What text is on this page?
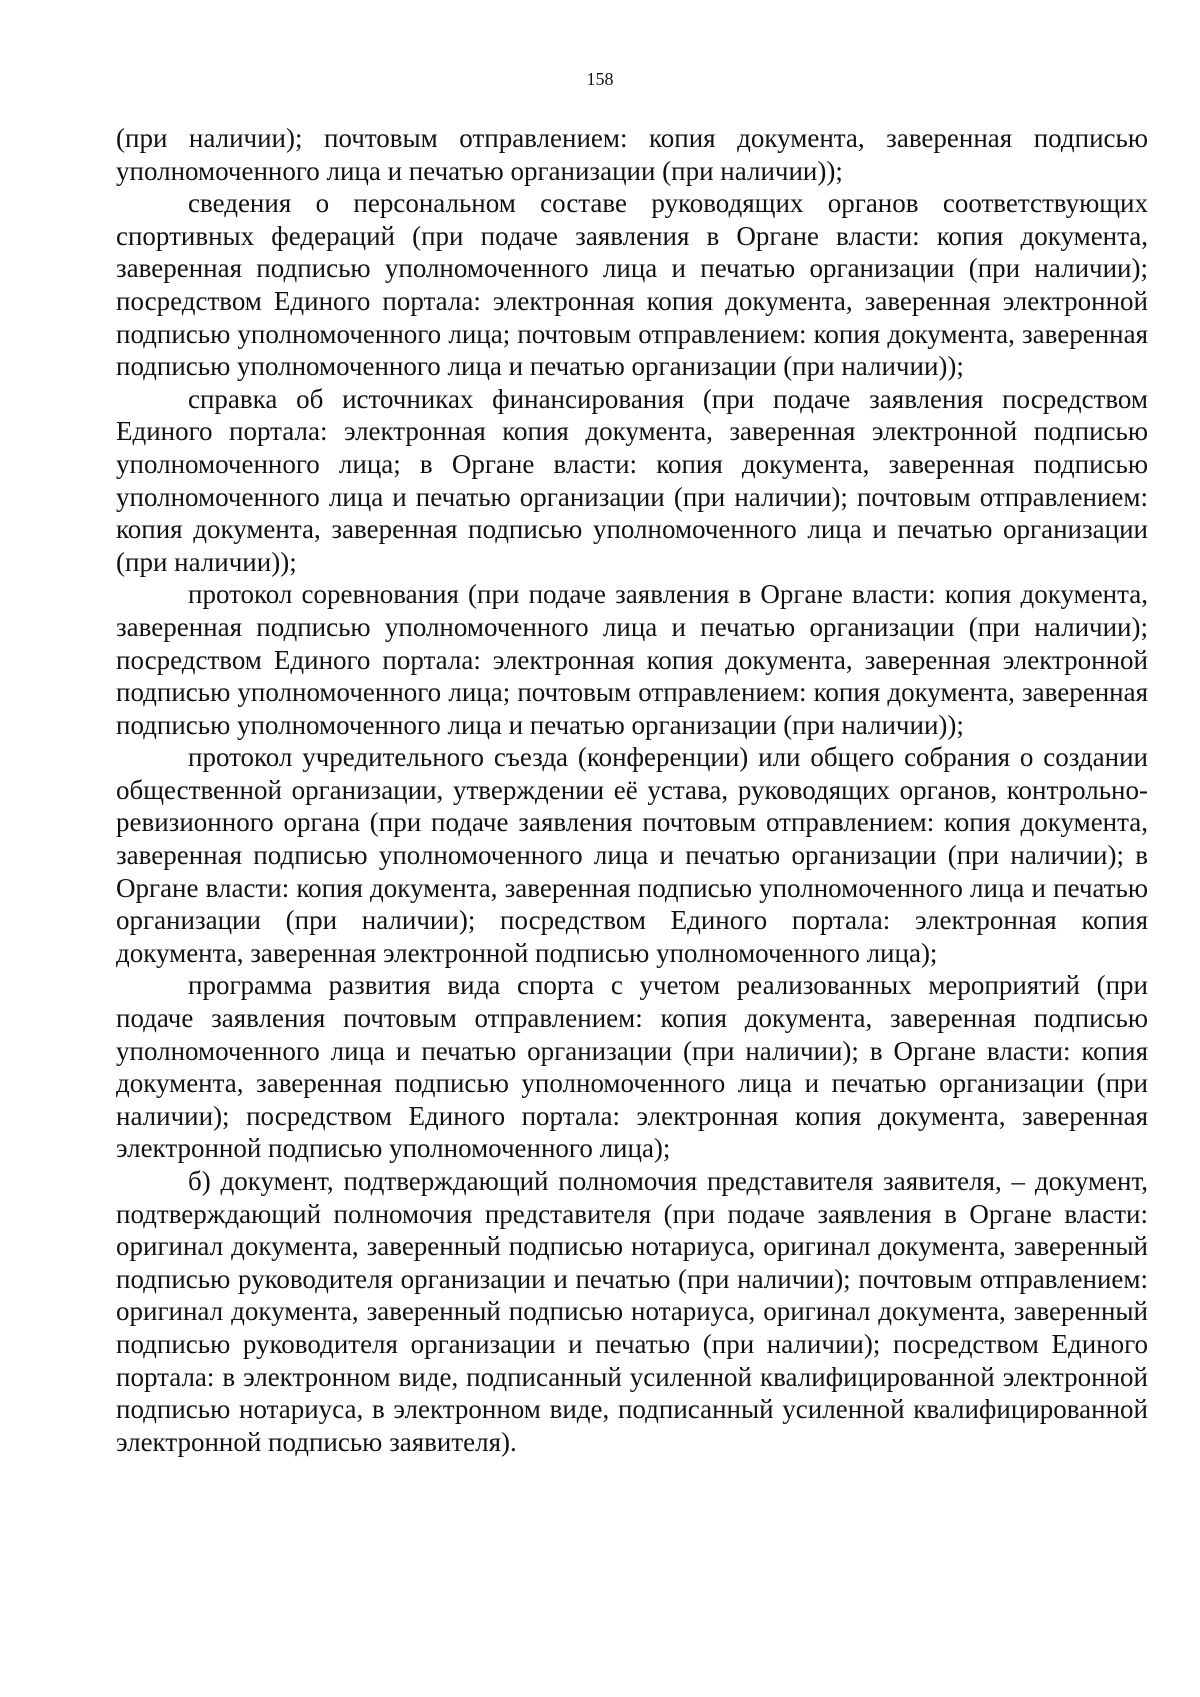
158

(при наличии); почтовым отправлением: копия документа, заверенная подписью уполномоченного лица и печатью организации (при наличии));

сведения о персональном составе руководящих органов соответствующих спортивных федераций (при подаче заявления в Органе власти: копия документа, заверенная подписью уполномоченного лица и печатью организации (при наличии); посредством Единого портала: электронная копия документа, заверенная электронной подписью уполномоченного лица; почтовым отправлением: копия документа, заверенная подписью уполномоченного лица и печатью организации (при наличии));

справка об источниках финансирования (при подаче заявления посредством Единого портала: электронная копия документа, заверенная электронной подписью уполномоченного лица; в Органе власти: копия документа, заверенная подписью уполномоченного лица и печатью организации (при наличии); почтовым отправлением: копия документа, заверенная подписью уполномоченного лица и печатью организации (при наличии));

протокол соревнования (при подаче заявления в Органе власти: копия документа, заверенная подписью уполномоченного лица и печатью организации (при наличии); посредством Единого портала: электронная копия документа, заверенная электронной подписью уполномоченного лица; почтовым отправлением: копия документа, заверенная подписью уполномоченного лица и печатью организации (при наличии));

протокол учредительного съезда (конференции) или общего собрания о создании общественной организации, утверждении её устава, руководящих органов, контрольно-ревизионного органа (при подаче заявления почтовым отправлением: копия документа, заверенная подписью уполномоченного лица и печатью организации (при наличии); в Органе власти: копия документа, заверенная подписью уполномоченного лица и печатью организации (при наличии); посредством Единого портала: электронная копия документа, заверенная электронной подписью уполномоченного лица);

программа развития вида спорта с учетом реализованных мероприятий (при подаче заявления почтовым отправлением: копия документа, заверенная подписью уполномоченного лица и печатью организации (при наличии); в Органе власти: копия документа, заверенная подписью уполномоченного лица и печатью организации (при наличии); посредством Единого портала: электронная копия документа, заверенная электронной подписью уполномоченного лица);

б) документ, подтверждающий полномочия представителя заявителя, – документ, подтверждающий полномочия представителя (при подаче заявления в Органе власти: оригинал документа, заверенный подписью нотариуса, оригинал документа, заверенный подписью руководителя организации и печатью (при наличии); почтовым отправлением: оригинал документа, заверенный подписью нотариуса, оригинал документа, заверенный подписью руководителя организации и печатью (при наличии); посредством Единого портала: в электронном виде, подписанный усиленной квалифицированной электронной подписью нотариуса, в электронном виде, подписанный усиленной квалифицированной электронной подписью заявителя).
